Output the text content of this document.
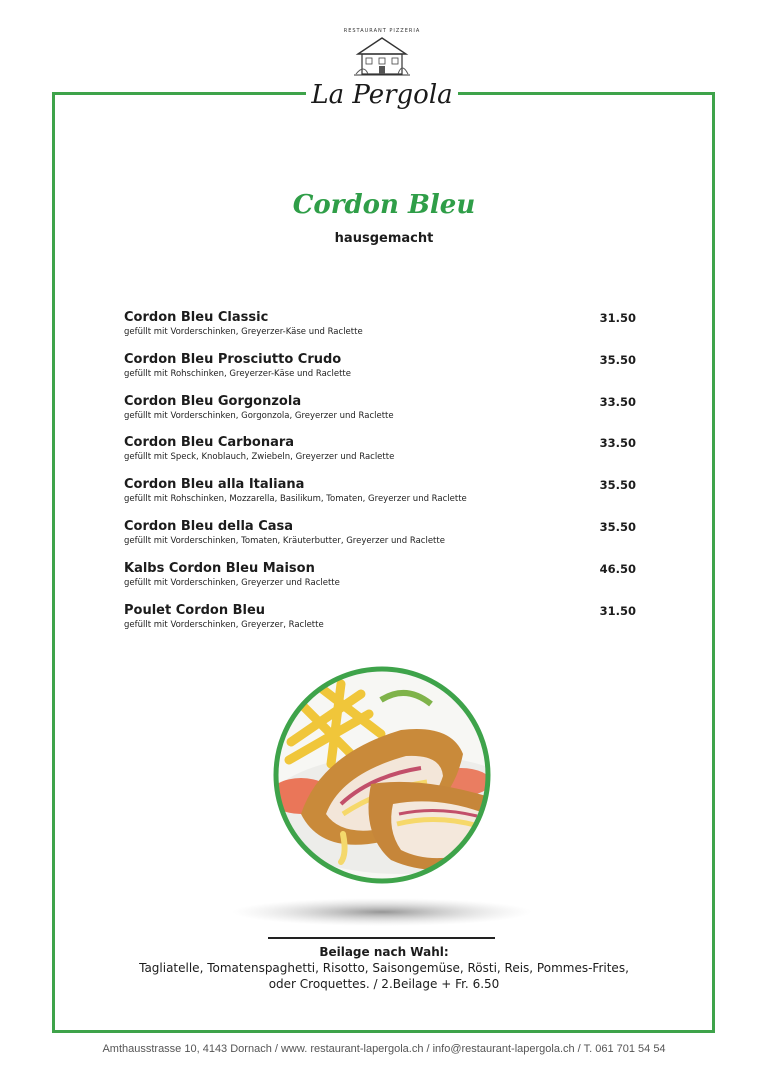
RESTAURANT PIZZERIA
La Pergola
Cordon Bleu
hausgemacht
Cordon Bleu Classic
gefüllt mit Vorderschinken, Greyerzer-Käse und Raclette
31.50
Cordon Bleu Prosciutto Crudo
gefüllt mit Rohschinken, Greyerzer-Käse und Raclette
35.50
Cordon Bleu Gorgonzola
gefüllt mit Vorderschinken, Gorgonzola, Greyerzer und Raclette
33.50
Cordon Bleu Carbonara
gefüllt mit Speck, Knoblauch, Zwiebeln, Greyerzer und Raclette
33.50
Cordon Bleu alla Italiana
gefüllt mit Rohschinken, Mozzarella, Basilikum, Tomaten, Greyerzer und Raclette
35.50
Cordon Bleu della Casa
gefüllt mit Vorderschinken, Tomaten, Kräuterbutter, Greyerzer und Raclette
35.50
Kalbs Cordon Bleu Maison
gefüllt mit Vorderschinken, Greyerzer und Raclette
46.50
Poulet Cordon Bleu
gefüllt mit Vorderschinken, Greyerzer, Raclette
31.50
Beilage nach Wahl:
Tagliatelle, Tomatenspaghetti, Risotto, Saisongemüse, Rösti, Reis, Pommes-Frites,
oder Croquettes. / 2.Beilage + Fr. 6.50
Amthausstrasse 10, 4143 Dornach / www. restaurant-lapergola.ch / info@restaurant-lapergola.ch / T. 061 701 54 54
